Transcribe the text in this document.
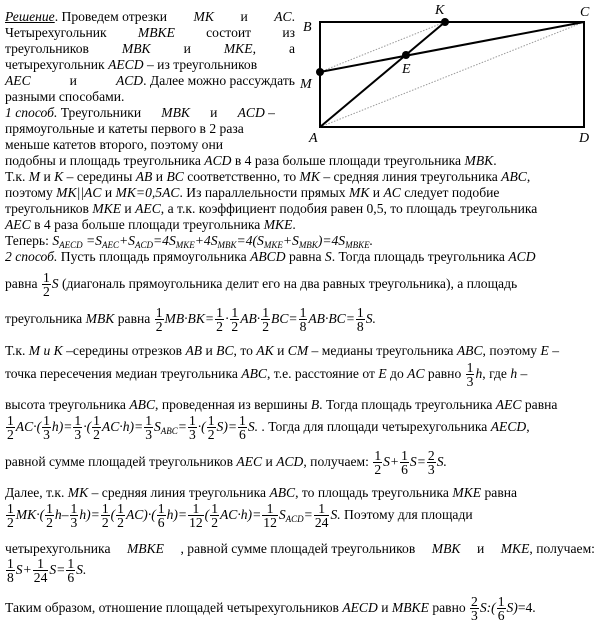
B
K	C
M
E
A	D
Решение. Проведем отрезки MK и AC.
Четырехугольник MBKE состоит из
треугольников MBK и MKE, а
четырехугольник AECD – из треугольников
AEC	и	ACD. Далее можно рассуждать
разными способами.
1 способ. Треугольники MBK и ACD –
прямоугольные и катеты первого в 2 раза
меньше катетов второго, поэтому они
подобны и площадь треугольника ACD в 4 раза больше площади треугольника MBK.
Т.к. M и K – середины AB и BC соответственно, то MK – средняя линия треугольника ABC,
поэтому MK||AC и MK=0,5AC. Из параллельности прямых MK и AC следует подобие
треугольников MKE и AEC, а т.к. коэффициент подобия равен 0,5, то площадь треугольника
AEC в 4 раза больше площади треугольника MKE.
Теперь: $S_{AECD} =S_{AEC}+S_{ACD}=4S_{MKE}+4S_{MBK}=4(S_{MKE}+S_{MBK})=4S_{MBKE}$.
2 способ. Пусть площадь прямоугольника ABCD равна S. Тогда площадь треугольника ACD
равна $\frac{1}{2}$ S (диагональ прямоугольника делит его на два равных треугольника), а площадь
треугольника MBK равна $\frac{1}{2} MB\cdot BK= \frac{1}{2} \cdot \frac{1}{2} AB\cdot \frac{1}{2} BC= \frac{1}{8} AB\cdot BC= \frac{1}{8} S$.
Т.к. M и K –середины отрезков AB и BC, то AK и CM – медианы треугольника ABC, поэтому E –
точка пересечения медиан треугольника ABC, т.е. расстояние от E до AC равно $\frac{1}{3} h$, где h –
высота треугольника ABC, проведенная из вершины B. Тогда площадь треугольника AEC равна
$\frac{1}{2} AC\cdot( \frac{1}{3} h)= \frac{1}{3}$ ·( $\frac{1}{2} AC\cdot h)= \frac{1}{3} S_{ABC}= \frac{1}{3}$ ·( $\frac{1}{2} S)= \frac{1}{6} S$. . Тогда для площади четырехугольника AECD,
равной сумме площадей треугольников AEC и ACD, получаем: $\frac{1}{2} S+ \frac{1}{6} S= \frac{2}{3} S$.
Далее, т.к. MK – средняя линия треугольника ABC, то площадь треугольника MKE равна
$\frac{1}{2} MK\cdot( \frac{1}{2} h- \frac{1}{3} h)= \frac{1}{2}$ ( $\frac{1}{2} AC)\cdot( \frac{1}{6} h)= \frac{1}{12}$ ( $\frac{1}{2} AC\cdot h)= \frac{1}{12} S_{ACD}= \frac{1}{24} S$. Поэтому для площади
четырехугольника MBKE , равной сумме площадей треугольников MBK и MKE, получаем:
$\frac{1}{8} S+ \frac{1}{24} S= \frac{1}{6} S$.
Таким образом, отношение площадей четырехугольников AECD и MBKE равно $\frac{2}{3}$ S:( $\frac{1}{6} S)=4$.
